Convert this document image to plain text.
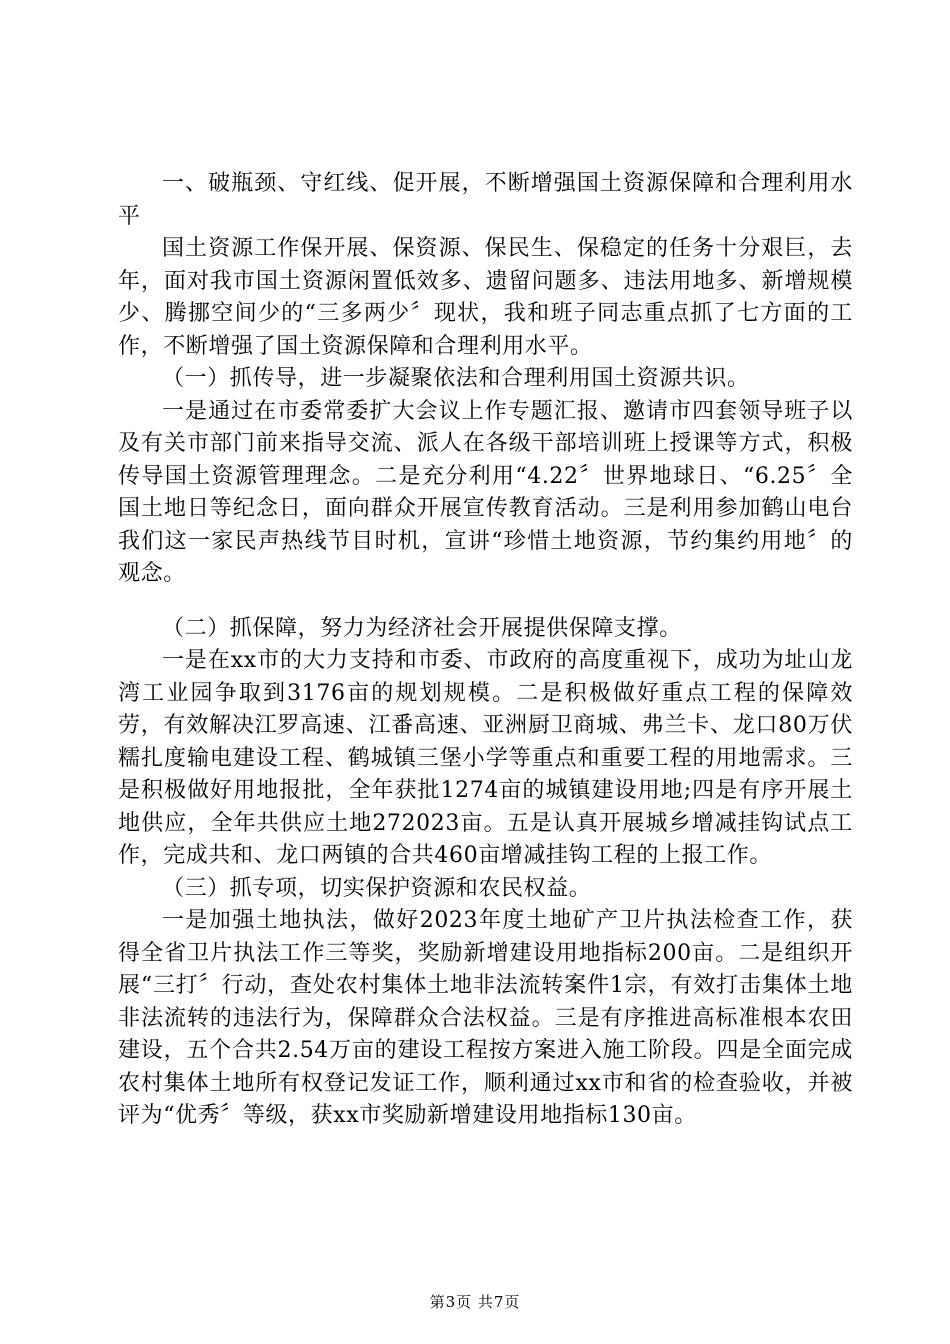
一、破瓶颈、守红线、促开展，不断增强国土资源保障和合理利用水平

国土资源工作保开展、保资源、保民生、保稳定的任务十分艰巨，去年，面对我市国土资源闲置低效多、遗留问题多、违法用地多、新增规模少、腾挪空间少的“三多两少〞现状，我和班子同志重点抓了七方面的工作，不断增强了国土资源保障和合理利用水平。

（一）抓传导，进一步凝聚依法和合理利用国土资源共识。

一是通过在市委常委扩大会议上作专题汇报、邀请市四套领导班子以及有关市部门前来指导交流、派人在各级干部培训班上授课等方式，积极传导国土资源管理理念。二是充分利用“4.22〞世界地球日、“6.25〞全国土地日等纪念日，面向群众开展宣传教育活动。三是利用参加鹤山电台我们这一家民声热线节目时机，宣讲“珍惜土地资源，节约集约用地〞的观念。

（二）抓保障，努力为经济社会开展提供保障支撑。

一是在xx市的大力支持和市委、市政府的高度重视下，成功为址山龙湾工业园争取到3176亩的规划规模。二是积极做好重点工程的保障效劳，有效解决江罗高速、江番高速、亚洲厨卫商城、弗兰卡、龙口80万伏糯扎度输电建设工程、鹤城镇三堡小学等重点和重要工程的用地需求。三是积极做好用地报批，全年获批1274亩的城镇建设用地;四是有序开展土地供应，全年共供应土地272023亩。五是认真开展城乡增减挂钩试点工作，完成共和、龙口两镇的合共460亩增减挂钩工程的上报工作。

（三）抓专项，切实保护资源和农民权益。

一是加强土地执法，做好2023年度土地矿产卫片执法检查工作，获得全省卫片执法工作三等奖，奖励新增建设用地指标200亩。二是组织开展“三打〞行动，查处农村集体土地非法流转案件1宗，有效打击集体土地非法流转的违法行为，保障群众合法权益。三是有序推进高标准根本农田建设，五个合共2.54万亩的建设工程按方案进入施工阶段。四是全面完成农村集体土地所有权登记发证工作，顺利通过xx市和省的检查验收，并被评为“优秀〞等级，获xx市奖励新增建设用地指标130亩。

第3页 共7页
